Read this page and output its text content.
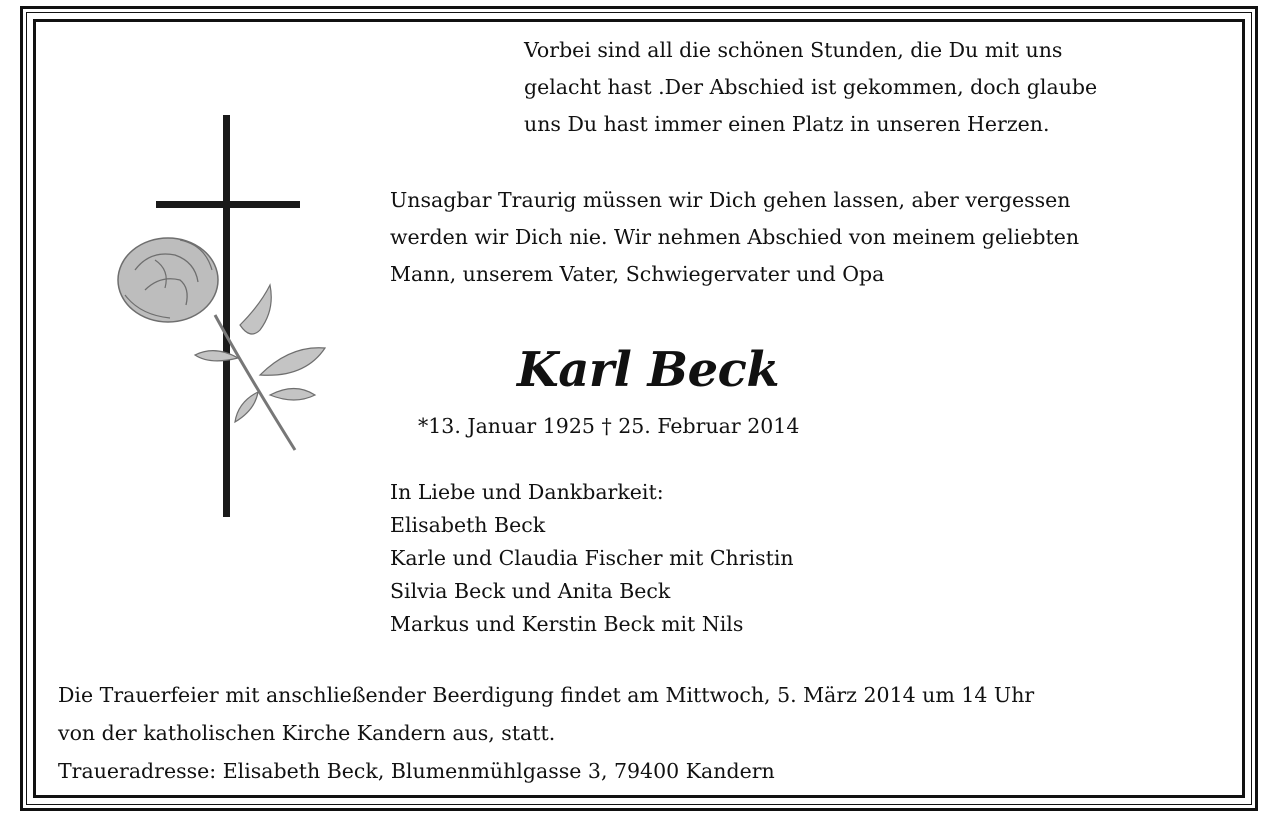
Vorbei sind all die schönen Stunden, die Du mit uns
gelacht hast .Der Abschied ist gekommen, doch glaube
uns Du hast immer einen Platz in unseren Herzen.
Unsagbar Traurig müssen wir Dich gehen lassen, aber vergessen
werden wir Dich nie. Wir nehmen Abschied von meinem geliebten
Mann, unserem Vater, Schwiegervater und Opa
Karl Beck
*13. Januar 1925 † 25. Februar 2014
In Liebe und Dankbarkeit:
Elisabeth Beck
Karle und Claudia Fischer mit Christin
Silvia Beck und Anita Beck
Markus und Kerstin Beck mit Nils
Die Trauerfeier mit anschließender Beerdigung findet am Mittwoch, 5. März 2014 um 14 Uhr
von der katholischen Kirche Kandern aus, statt.
Traueradresse: Elisabeth Beck, Blumenmühlgasse 3, 79400 Kandern
